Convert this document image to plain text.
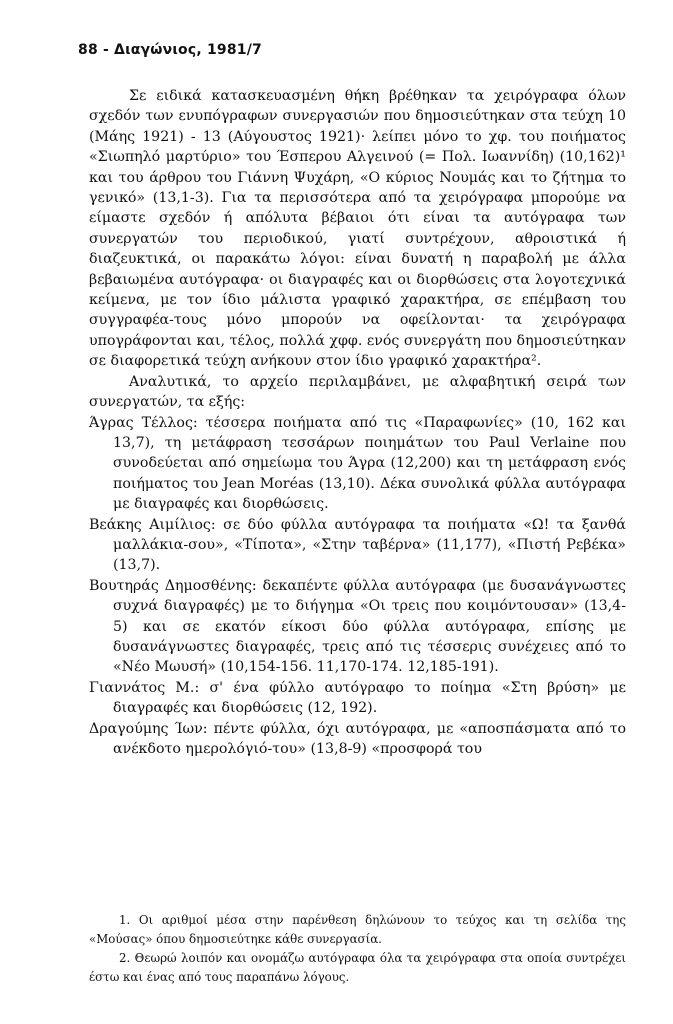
88 - Διαγώνιος, 1981/7

Σε ειδικά κατασκευασμένη θήκη βρέθηκαν τα χειρόγραφα όλων σχεδόν των ενυπόγραφων συνεργασιών που δημοσιεύτηκαν στα τεύχη 10 (Μάης 1921) - 13 (Αύγουστος 1921)· λείπει μόνο το χφ. του ποιήματος «Σιωπηλό μαρτύριο» του Έσπερου Αλγεινού (= Πολ. Ιωαννίδη) (10,162)¹ και του άρθρου του Γιάννη Ψυχάρη, «Ο κύριος Νουμάς και το ζήτημα το γενικό» (13,1-3). Για τα περισσότερα από τα χειρόγραφα μπορούμε να είμαστε σχεδόν ή απόλυτα βέβαιοι ότι είναι τα αυτόγραφα των συνεργατών του περιοδικού, γιατί συντρέχουν, αθροιστικά ή διαζευκτικά, οι παρακάτω λόγοι: είναι δυνατή η παραβολή με άλλα βεβαιωμένα αυτόγραφα· οι διαγραφές και οι διορθώσεις στα λογοτεχνικά κείμενα, με τον ίδιο μάλιστα γραφικό χαρακτήρα, σε επέμβαση του συγγραφέα-τους μόνο μπορούν να οφείλονται· τα χειρόγραφα υπογράφονται και, τέλος, πολλά χφφ. ενός συνεργάτη που δημοσιεύτηκαν σε διαφορετικά τεύχη ανήκουν στον ίδιο γραφικό χαρακτήρα².

Αναλυτικά, το αρχείο περιλαμβάνει, με αλφαβητική σειρά των συνεργατών, τα εξής:

Άγρας Τέλλος: τέσσερα ποιήματα από τις «Παραφωνίες» (10, 162 και 13,7), τη μετάφραση τεσσάρων ποιημάτων του Paul Verlaine που συνοδεύεται από σημείωμα του Άγρα (12,200) και τη μετάφραση ενός ποιήματος του Jean Moréas (13,10). Δέκα συνολικά φύλλα αυτόγραφα με διαγραφές και διορθώσεις.

Βεάκης Αιμίλιος: σε δύο φύλλα αυτόγραφα τα ποιήματα «Ω! τα ξανθά μαλλάκια-σου», «Τίποτα», «Στην ταβέρνα» (11,177), «Πιστή Ρεβέκα» (13,7).

Βουτηράς Δημοσθένης: δεκαπέντε φύλλα αυτόγραφα (με δυσανάγνωστες συχνά διαγραφές) με το διήγημα «Οι τρεις που κοιμόντουσαν» (13,4-5) και σε εκατόν είκοσι δύο φύλλα αυτόγραφα, επίσης με δυσανάγνωστες διαγραφές, τρεις από τις τέσσερις συνέχειες από το «Νέο Μωυσή» (10,154-156. 11,170-174. 12,185-191).

Γιαννάτος Μ.: σ' ένα φύλλο αυτόγραφο το ποίημα «Στη βρύση» με διαγραφές και διορθώσεις (12, 192).

Δραγούμης Ίων: πέντε φύλλα, όχι αυτόγραφα, με «αποσπάσματα από το ανέκδοτο ημερολόγιό-του» (13,8-9) «προσφορά του

1. Οι αριθμοί μέσα στην παρένθεση δηλώνουν το τεύχος και τη σελίδα της «Μούσας» όπου δημοσιεύτηκε κάθε συνεργασία.

2. Θεωρώ λοιπόν και ονομάζω αυτόγραφα όλα τα χειρόγραφα στα οποία συντρέχει έστω και ένας από τους παραπάνω λόγους.
